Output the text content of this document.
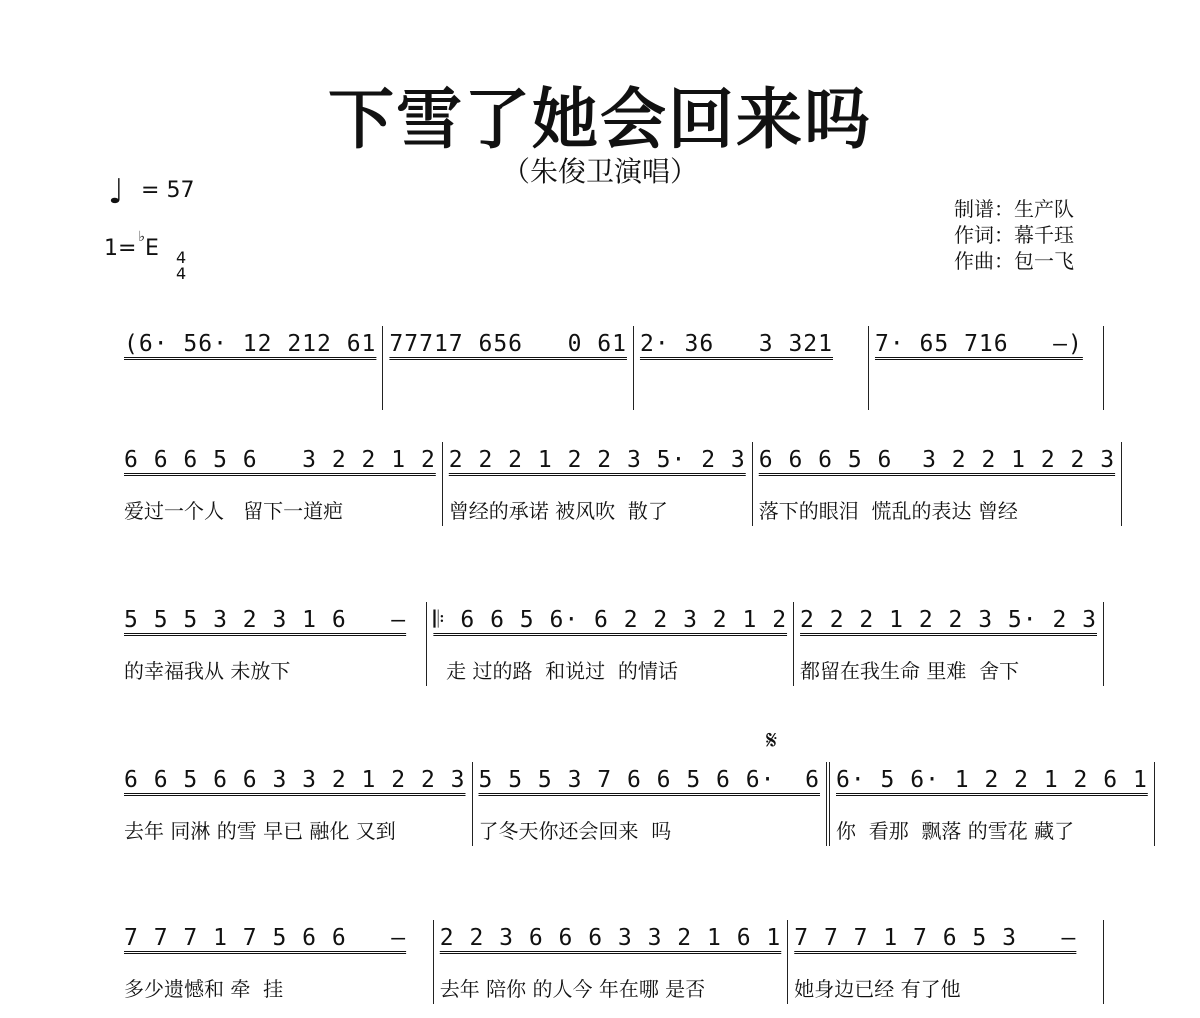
下雪了她会回来吗
（朱俊卫演唱）
♩ = 57
1= ♭E 4
4
制谱：生产队
作词：幕千珏
作曲：包一飞
𝄋
(6· 56· 12 212 61 77717 656   0 61 2· 36   3 321	7· 65 716   —)
6 6 6 5 6   3 2 2 1 2
爱过一个人   留下一道疤
2 2 2 1 2 2 3 5· 2 3
曾经的承诺 被风吹  散了
6 6 6 5 6  3 2 2 1 2 2 3
落下的眼泪  慌乱的表达 曾经
5 5 5 3 2 3 1 6   —
的幸福我从 未放下
𝄆 6 6 5 6· 6 2 2 3 2 1 2
走 过的路  和说过  的情话
2 2 2 1 2 2 3 5· 2 3
都留在我生命 里难  舍下
6 6 5 6 6 3 3 2 1 2 2 3
去年 同淋 的雪 早已 融化 又到
5 5 5 3 7 6 6 5 6 6·  6
了冬天你还会回来  吗
6· 5 6· 1 2 2 1 2 6 1
你  看那  飘落 的雪花 藏了
7 7 7 1 7 5 6 6   —
多少遗憾和 牵  挂
2 2 3 6 6 6 3 3 2 1 6 1
去年 陪你 的人今 年在哪 是否
7 7 7 1 7 6 5 3   —
她身边已经 有了他
